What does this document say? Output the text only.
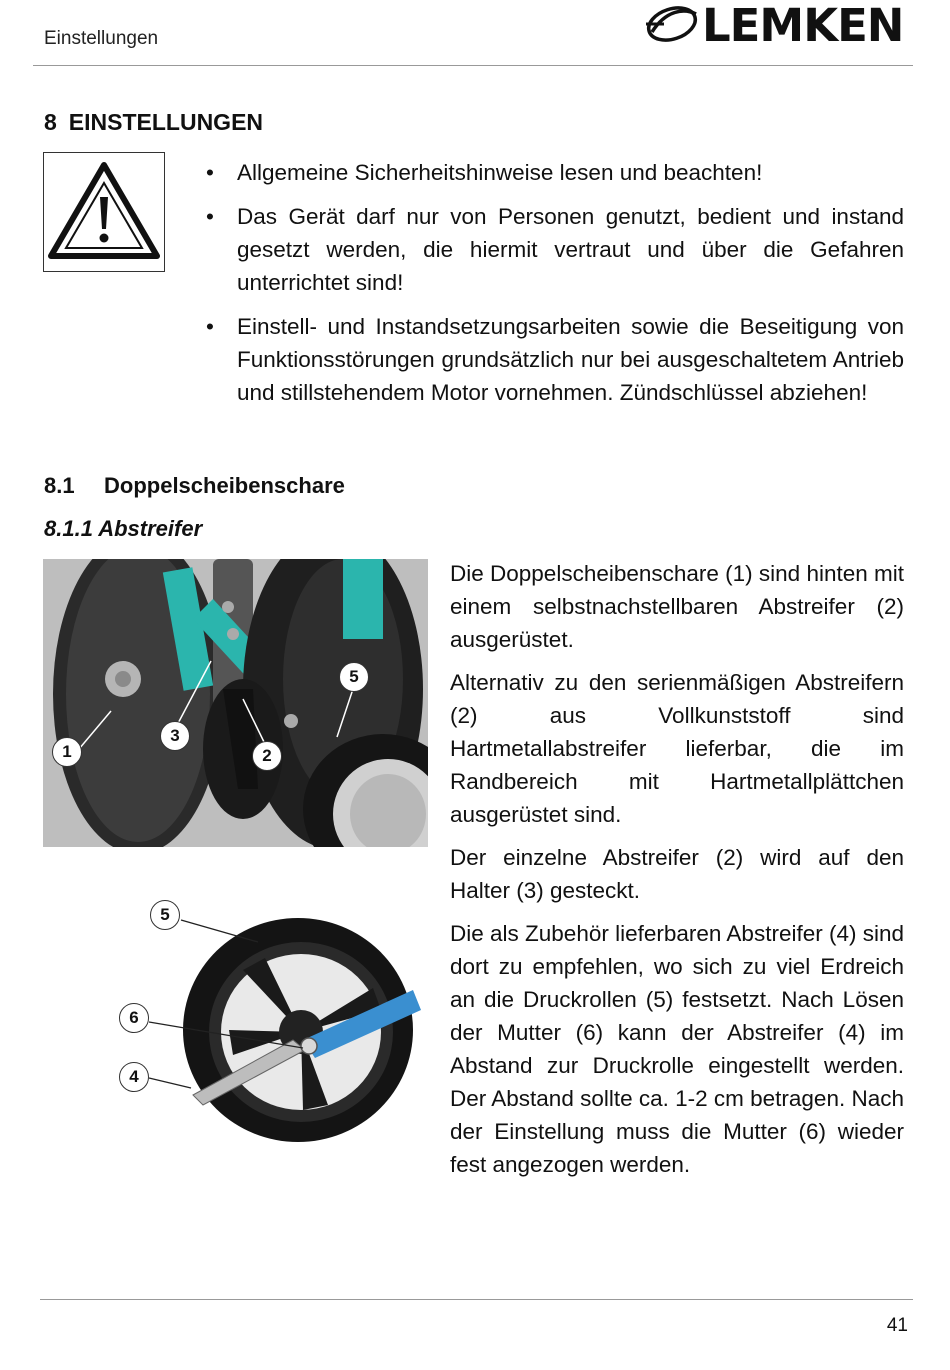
Einstellungen	LEMKEN
8 EINSTELLUNGEN
• Allgemeine Sicherheitshinweise lesen und beachten!
• Das Gerät darf nur von Personen genutzt, bedient und instand gesetzt werden, die hiermit vertraut und über die Gefahren unterrichtet sind!
• Einstell- und Instandsetzungsarbeiten sowie die Beseitigung von Funktionsstörungen grundsätzlich nur bei ausgeschaltetem Antrieb und stillstehendem Motor vornehmen. Zündschlüssel abziehen!
8.1 Doppelscheibenschare
8.1.1 Abstreifer
1
3
2
5
5
6
4

Die Doppelscheibenschare (1) sind hinten mit einem selbstnachstellbaren Abstreifer (2) ausgerüstet.

Alternativ zu den serienmäßigen Abstreifern (2) aus Vollkunststoff sind Hartmetallabstreifer lieferbar, die im Randbereich mit Hartmetallplättchen ausgerüstet sind.

Der einzelne Abstreifer (2) wird auf den Halter (3) gesteckt.

Die als Zubehör lieferbaren Abstreifer (4) sind dort zu empfehlen, wo sich zu viel Erdreich an die Druckrollen (5) festsetzt. Nach Lösen der Mutter (6) kann der Abstreifer (4) im Abstand zur Druckrolle eingestellt werden. Der Abstand sollte ca. 1-2 cm betragen. Nach der Einstellung muss die Mutter (6) wieder fest angezogen werden.

41
